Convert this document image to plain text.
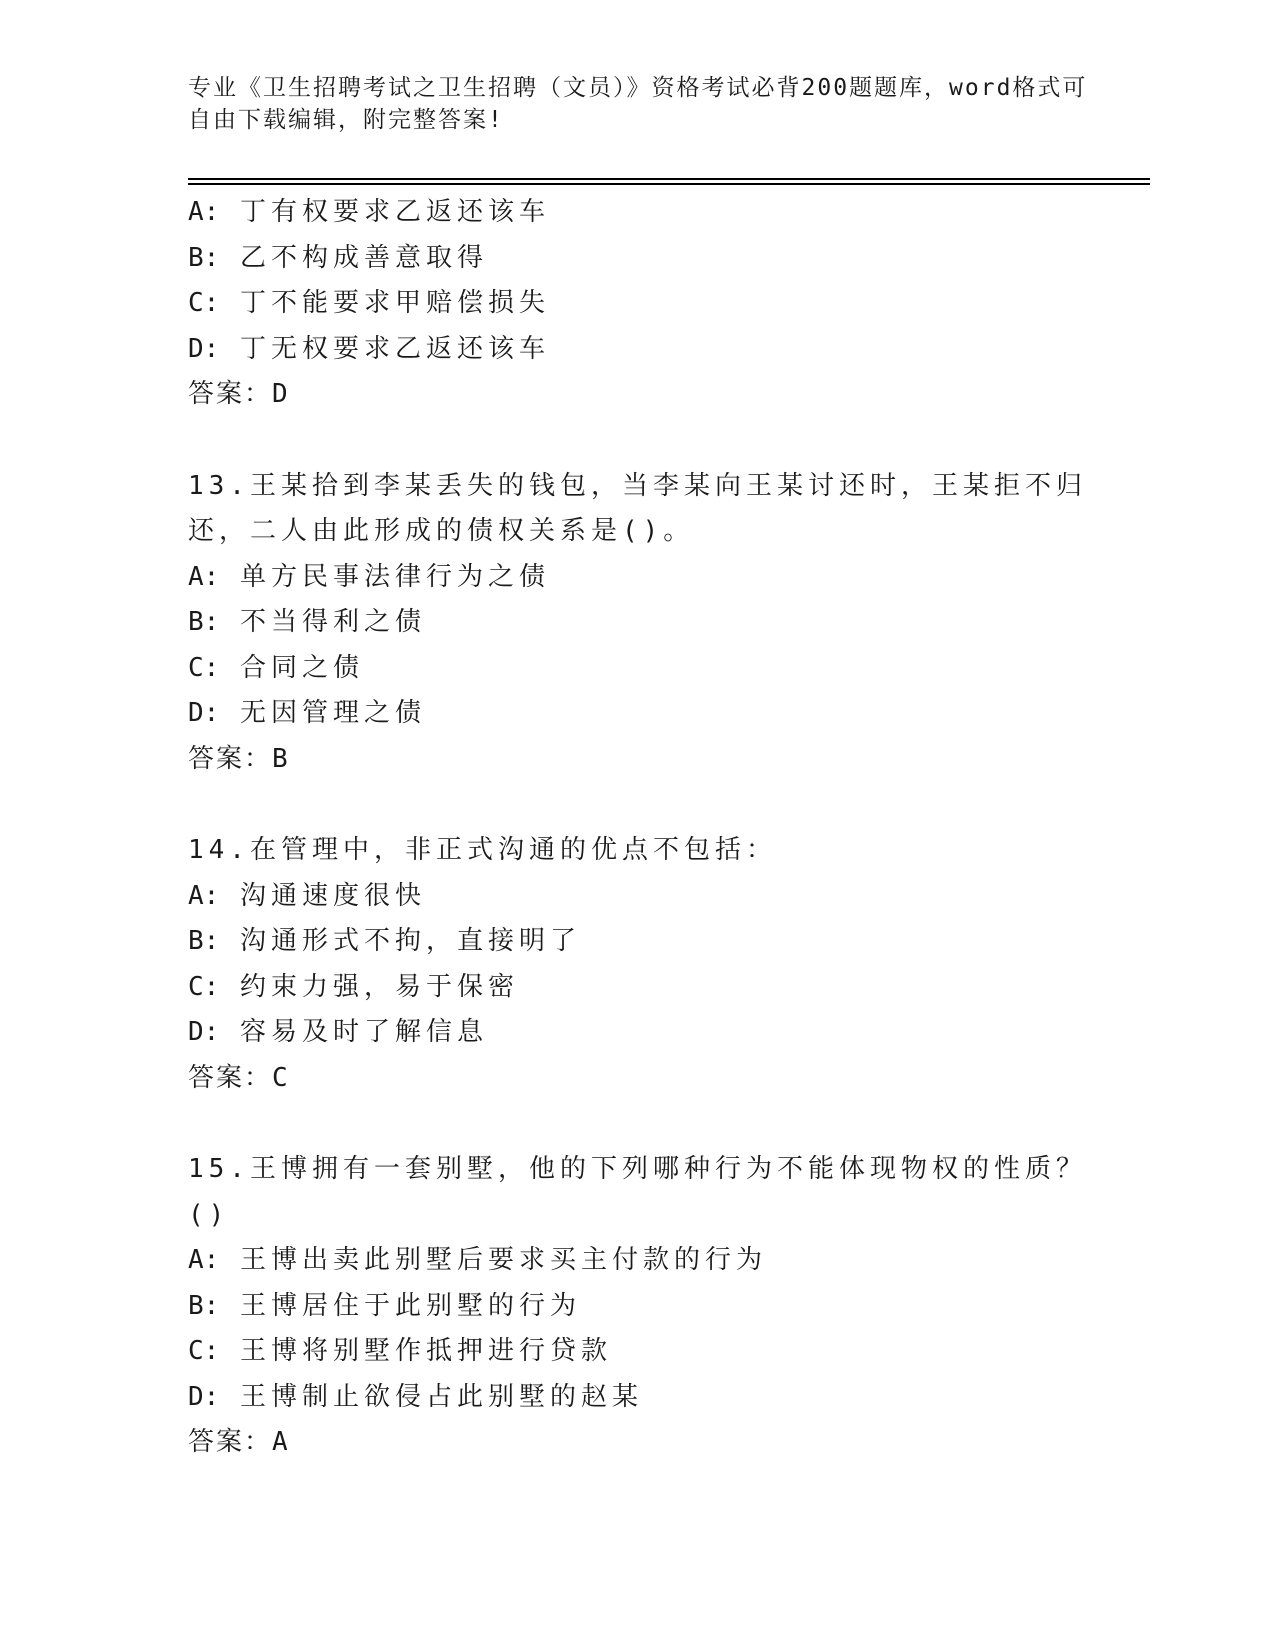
专业《卫生招聘考试之卫生招聘（文员）》资格考试必背200题题库，word格式可自由下载编辑，附完整答案!
A: 丁有权要求乙返还该车
B: 乙不构成善意取得
C: 丁不能要求甲赔偿损失
D: 丁无权要求乙返还该车
答案：D
13.王某拾到李某丢失的钱包，当李某向王某讨还时，王某拒不归还，二人由此形成的债权关系是()。
A: 单方民事法律行为之债
B: 不当得利之债
C: 合同之债
D: 无因管理之债
答案：B
14.在管理中，非正式沟通的优点不包括：
A: 沟通速度很快
B: 沟通形式不拘，直接明了
C: 约束力强，易于保密
D: 容易及时了解信息
答案：C
15.王博拥有一套别墅，他的下列哪种行为不能体现物权的性质？()
A: 王博出卖此别墅后要求买主付款的行为
B: 王博居住于此别墅的行为
C: 王博将别墅作抵押进行贷款
D: 王博制止欲侵占此别墅的赵某
答案：A
